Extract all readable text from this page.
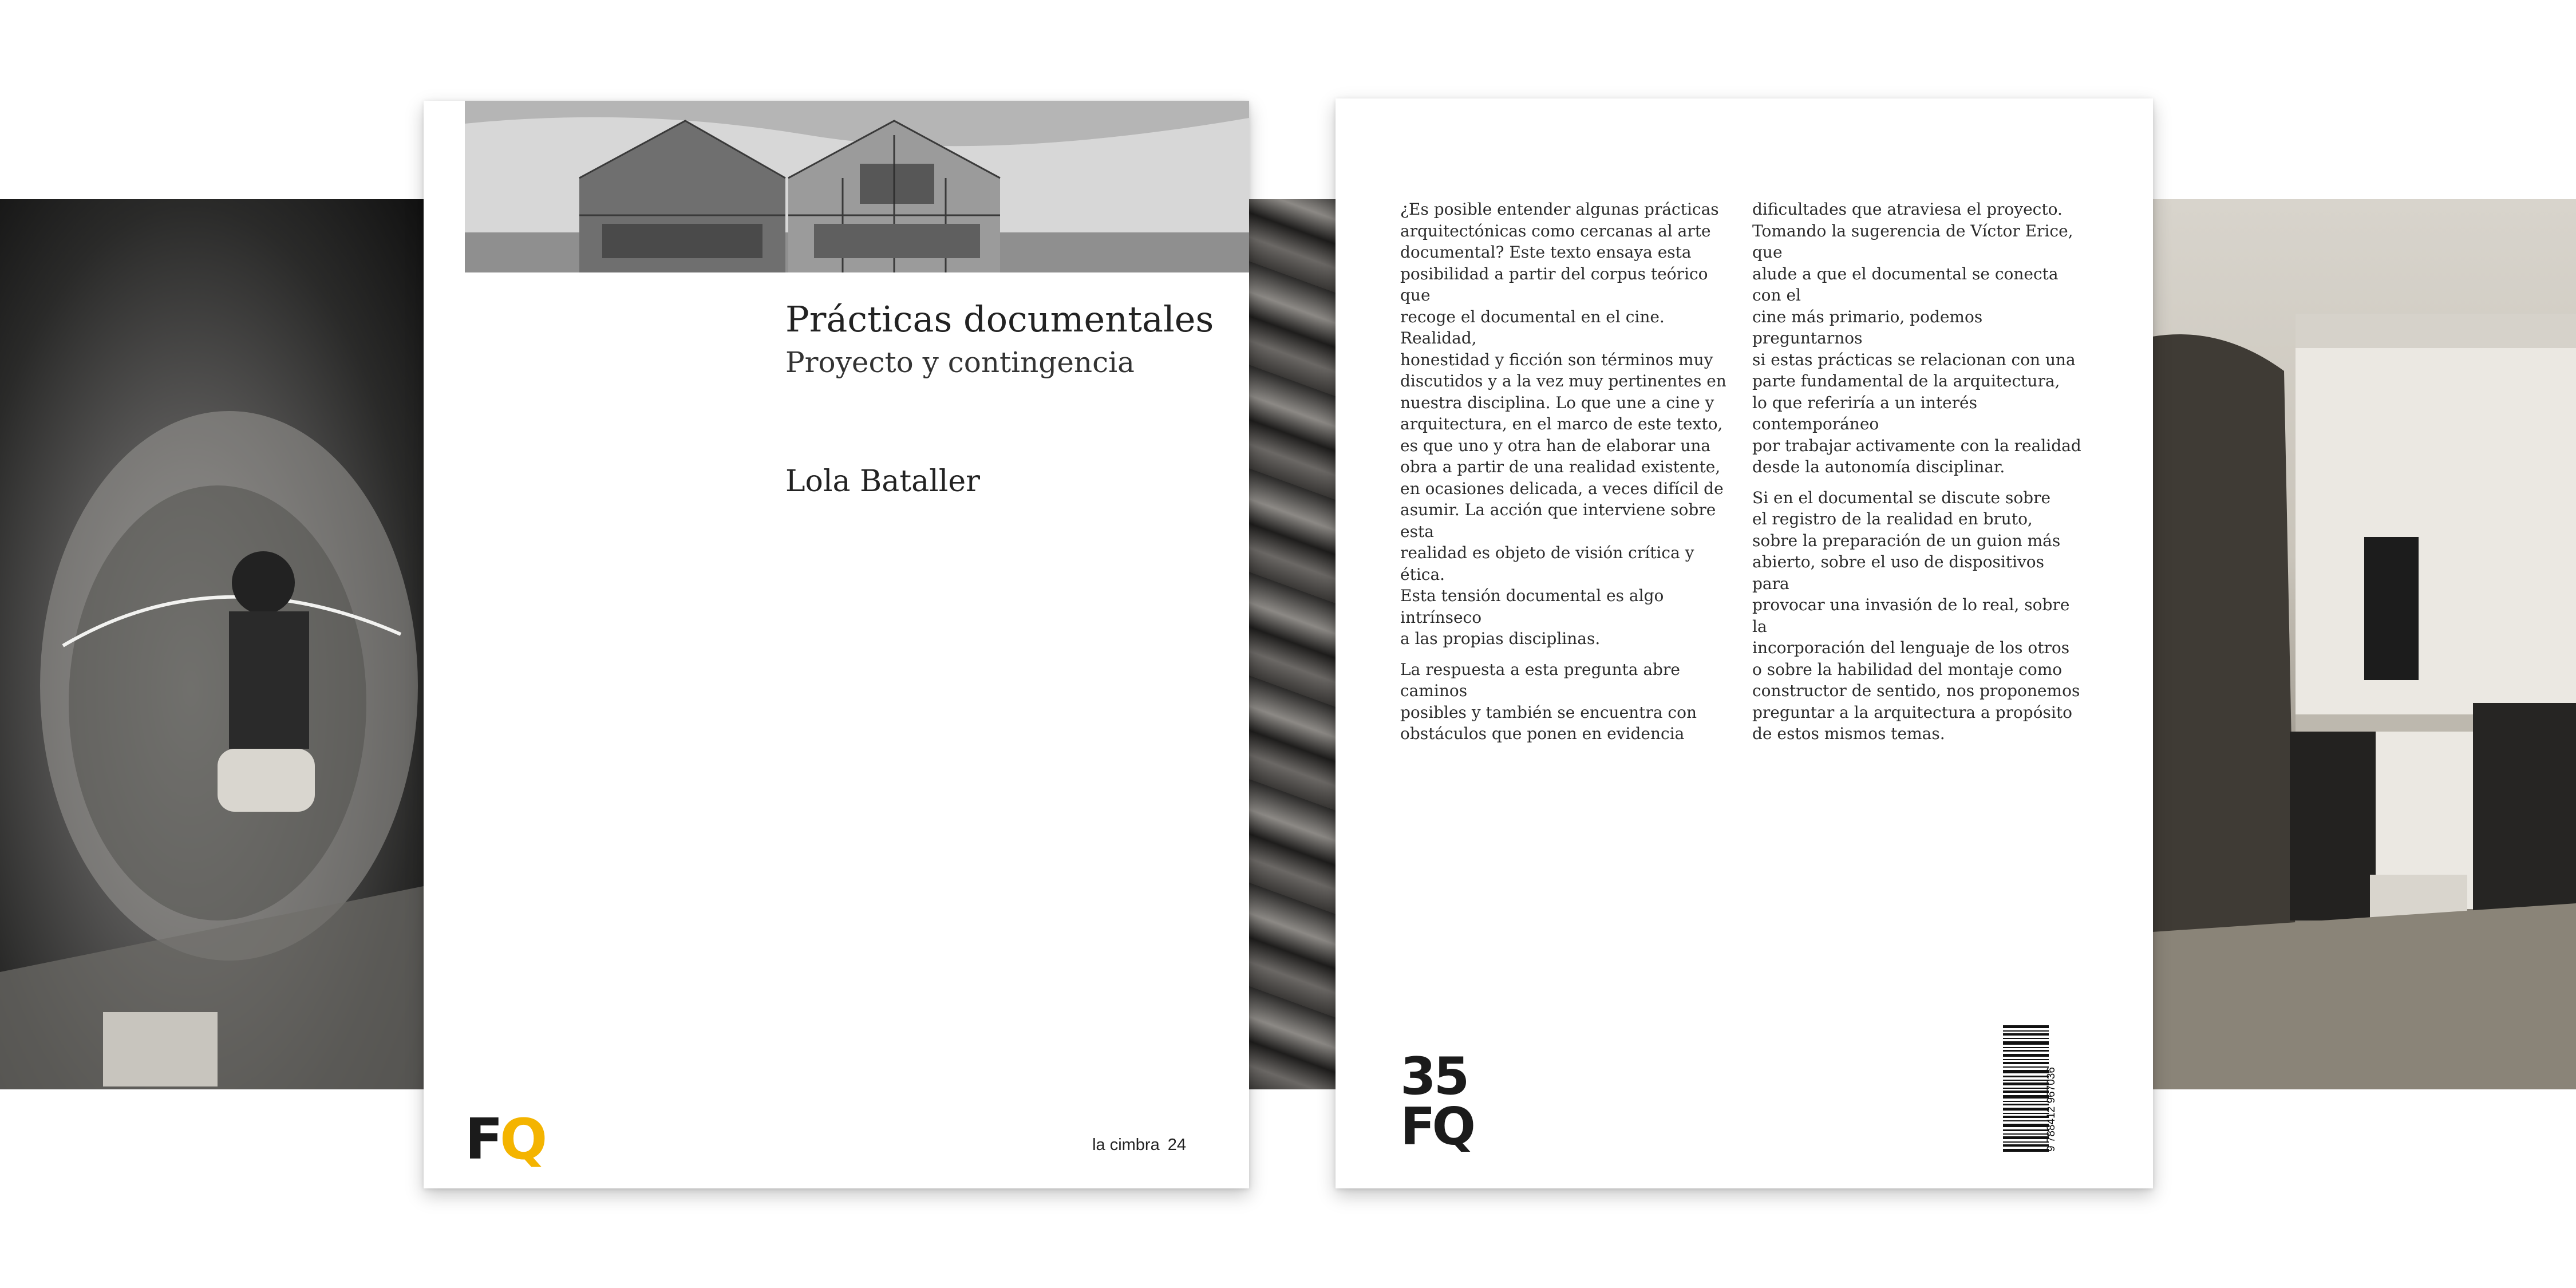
Prácticas documentales
Proyecto y contingencia
Lola Bataller
FQ	la cimbra 24

¿Es posible entender algunas prácticas
arquitectónicas como cercanas al arte
documental? Este texto ensaya esta
posibilidad a partir del corpus teórico que
recoge el documental en el cine. Realidad,
honestidad y ficción son términos muy
discutidos y a la vez muy pertinentes en
nuestra disciplina. Lo que une a cine y
arquitectura, en el marco de este texto,
es que uno y otra han de elaborar una
obra a partir de una realidad existente,
en ocasiones delicada, a veces difícil de
asumir. La acción que interviene sobre esta
realidad es objeto de visión crítica y ética.
Esta tensión documental es algo intrínseco
a las propias disciplinas.

La respuesta a esta pregunta abre caminos
posibles y también se encuentra con
obstáculos que ponen en evidencia

dificultades que atraviesa el proyecto.
Tomando la sugerencia de Víctor Erice, que
alude a que el documental se conecta con el
cine más primario, podemos preguntarnos
si estas prácticas se relacionan con una
parte fundamental de la arquitectura,
lo que referiría a un interés contemporáneo
por trabajar activamente con la realidad
desde la autonomía disciplinar.

Si en el documental se discute sobre
el registro de la realidad en bruto,
sobre la preparación de un guion más
abierto, sobre el uso de dispositivos para
provocar una invasión de lo real, sobre la
incorporación del lenguaje de los otros
o sobre la habilidad del montaje como
constructor de sentido, nos proponemos
preguntar a la arquitectura a propósito
de estos mismos temas.

35
FQ	9 788412 967036
